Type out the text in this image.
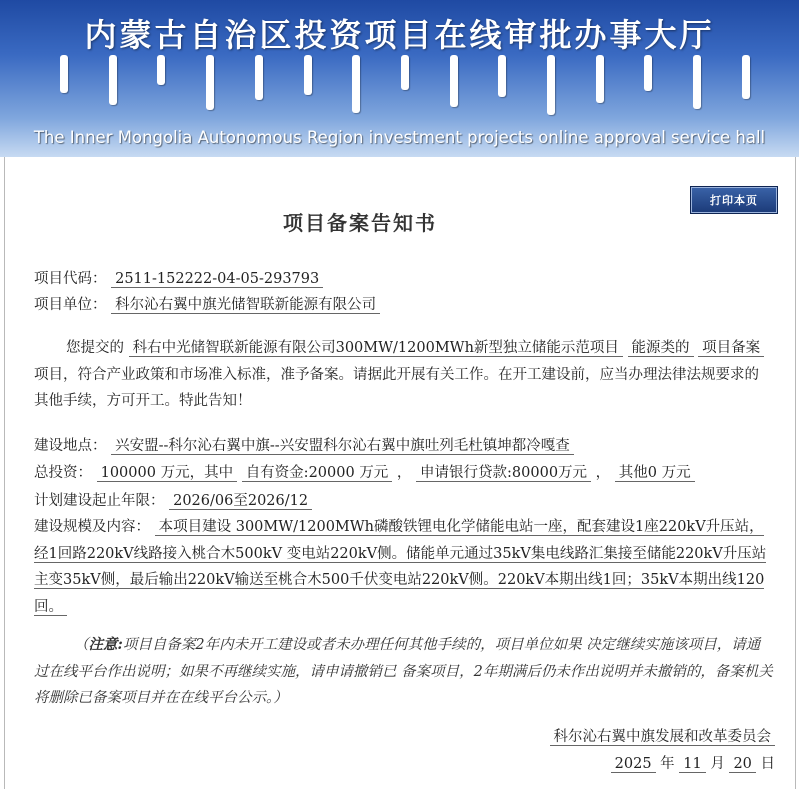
内蒙古自治区投资项目在线审批办事大厅
The Inner Mongolia Autonomous Region investment projects online approval service hall
打印本页
项目备案告知书
项目代码： 2511-152222-04-05-293793
项目单位： 科尔沁右翼中旗光储智联新能源有限公司
您提交的 科右中光储智联新能源有限公司300MW/1200MWh新型独立储能示范项目 能源类的 项目备案 项目，符合产业政策和市场准入标准，准予备案。请据此开展有关工作。在开工建设前，应当办理法律法规要求的其他手续，方可开工。特此告知！
建设地点： 兴安盟--科尔沁右翼中旗--兴安盟科尔沁右翼中旗吐列毛杜镇坤都冷嘎查
总投资： 100000 万元，其中 自有资金:20000 万元 ， 申请银行贷款:80000万元 ， 其他0 万元
计划建设起止年限： 2026/06至2026/12
建设规模及内容： 本项目建设 300MW/1200MWh磷酸铁锂电化学储能电站一座，配套建设1座220kV升压站，经1回路220kV线路接入桃合木500kV 变电站220kV侧。储能单元通过35kV集电线路汇集接至储能220kV升压站主变35kV侧，最后输出220kV输送至桃合木500千伏变电站220kV侧。220kV本期出线1回；35kV本期出线120回。
（注意:项目自备案2年内未开工建设或者未办理任何其他手续的，项目单位如果 决定继续实施该项目，请通过在线平台作出说明；如果不再继续实施，请申请撤销已 备案项目，2年期满后仍未作出说明并未撤销的，备案机关将删除已备案项目并在在线平台公示。）
科尔沁右翼中旗发展和改革委员会
2025 年 11 月 20 日
